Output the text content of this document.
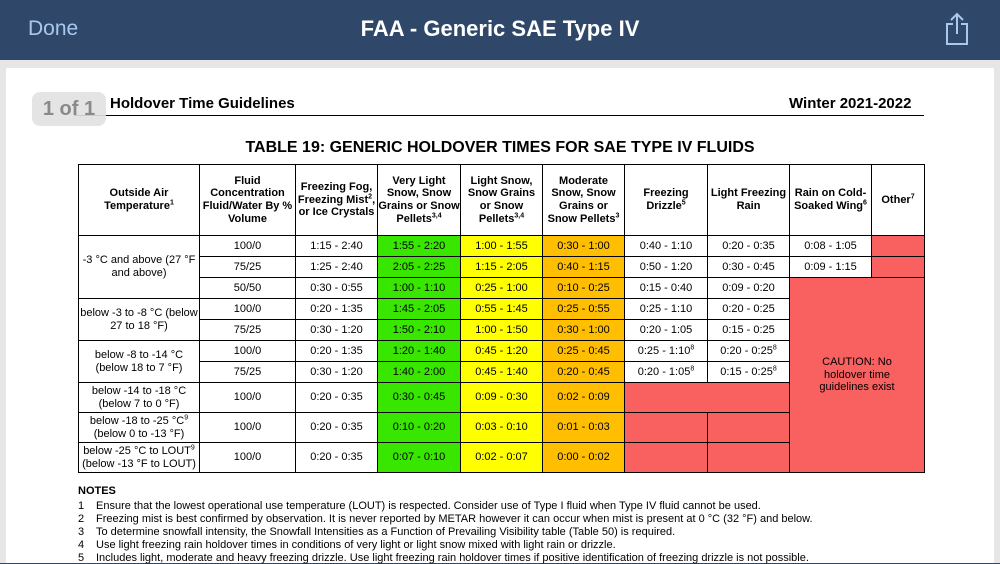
Done	FAA - Generic SAE Type IV
1 of 1 Holdover Time Guidelines	Winter 2021-2022
TABLE 19: GENERIC HOLDOVER TIMES FOR SAE TYPE IV FLUIDS
Outside Air Temperature$^1$	Fluid Concentration Fluid/Water By % Volume	Freezing Fog, Freezing Mist$^2$, or Ice Crystals	Very Light Snow, Snow Grains or Snow Pellets$^{3,4}$	Light Snow, Snow Grains or Snow Pellets$^{3,4}$	Moderate Snow, Snow Grains or Snow Pellets$^3$	Freezing Drizzle$^5$	Light Freezing Rain	Rain on Cold-Soaked Wing$^6$	Other$^7$
-3 °C and above (27 °F and above)	100/0	1:15 - 2:40	1:55 - 2:20	1:00 - 1:55	0:30 - 1:00	0:40 - 1:10	0:20 - 0:35	0:08 - 1:05	
	75/25	1:25 - 2:40	2:05 - 2:25	1:15 - 2:05	0:40 - 1:15	0:50 - 1:20	0:30 - 0:45	0:09 - 1:15	
	50/50	0:30 - 0:55	1:00 - 1:10	0:25 - 1:00	0:10 - 0:25	0:15 - 0:40	0:09 - 0:20	CAUTION: No holdover time guidelines exist	
below -3 to -8 °C (below 27 to 18 °F)	100/0	0:20 - 1:35	1:45 - 2:05	0:55 - 1:45	0:25 - 0:55	0:25 - 1:10	0:20 - 0:25		
	75/25	0:30 - 1:20	1:50 - 2:10	1:00 - 1:50	0:30 - 1:00	0:20 - 1:05	0:15 - 0:25		
below -8 to -14 °C (below 18 to 7 °F)	100/0	0:20 - 1:35	1:20 - 1:40	0:45 - 1:20	0:25 - 0:45	0:25 - $1:10^8$	0:20 - $0:25^8$
	75/25	0:30 - 1:20	1:40 - 2:00	0:45 - 1:40	0:20 - 0:45	0:20 - $1:05^8$	0:15 - $0:25^8$
below -14 to -18 °C (below 7 to 0 °F)	100/0	0:20 - 0:35	0:30 - 0:45	0:09 - 0:30	0:02 - 0:09				
below -18 to -25 $^\circ C^9$
(below 0 to -13 °F)	100/0	0:20 - 0:35	0:10 - 0:20	0:03 - 0:10	0:01 - 0:03				
below -25 °C to LOUT$^9$
(below -13 °F to LOUT)	100/0	0:20 - 0:35	0:07 - 0:10	0:02 - 0:07	0:00 - 0:02				
NOTES
1 Ensure that the lowest operational use temperature (LOUT) is respected. Consider use of Type I fluid when Type IV fluid cannot be used.
2 Freezing mist is best confirmed by observation. It is never reported by METAR however it can occur when mist is present at 0 °C (32 °F) and below.
3 To determine snowfall intensity, the Snowfall Intensities as a Function of Prevailing Visibility table (Table 50) is required.
4 Use light freezing rain holdover times in conditions of very light or light snow mixed with light rain or drizzle.
5 Includes light, moderate and heavy freezing drizzle. Use light freezing rain holdover times if positive identification of freezing drizzle is not possible.
